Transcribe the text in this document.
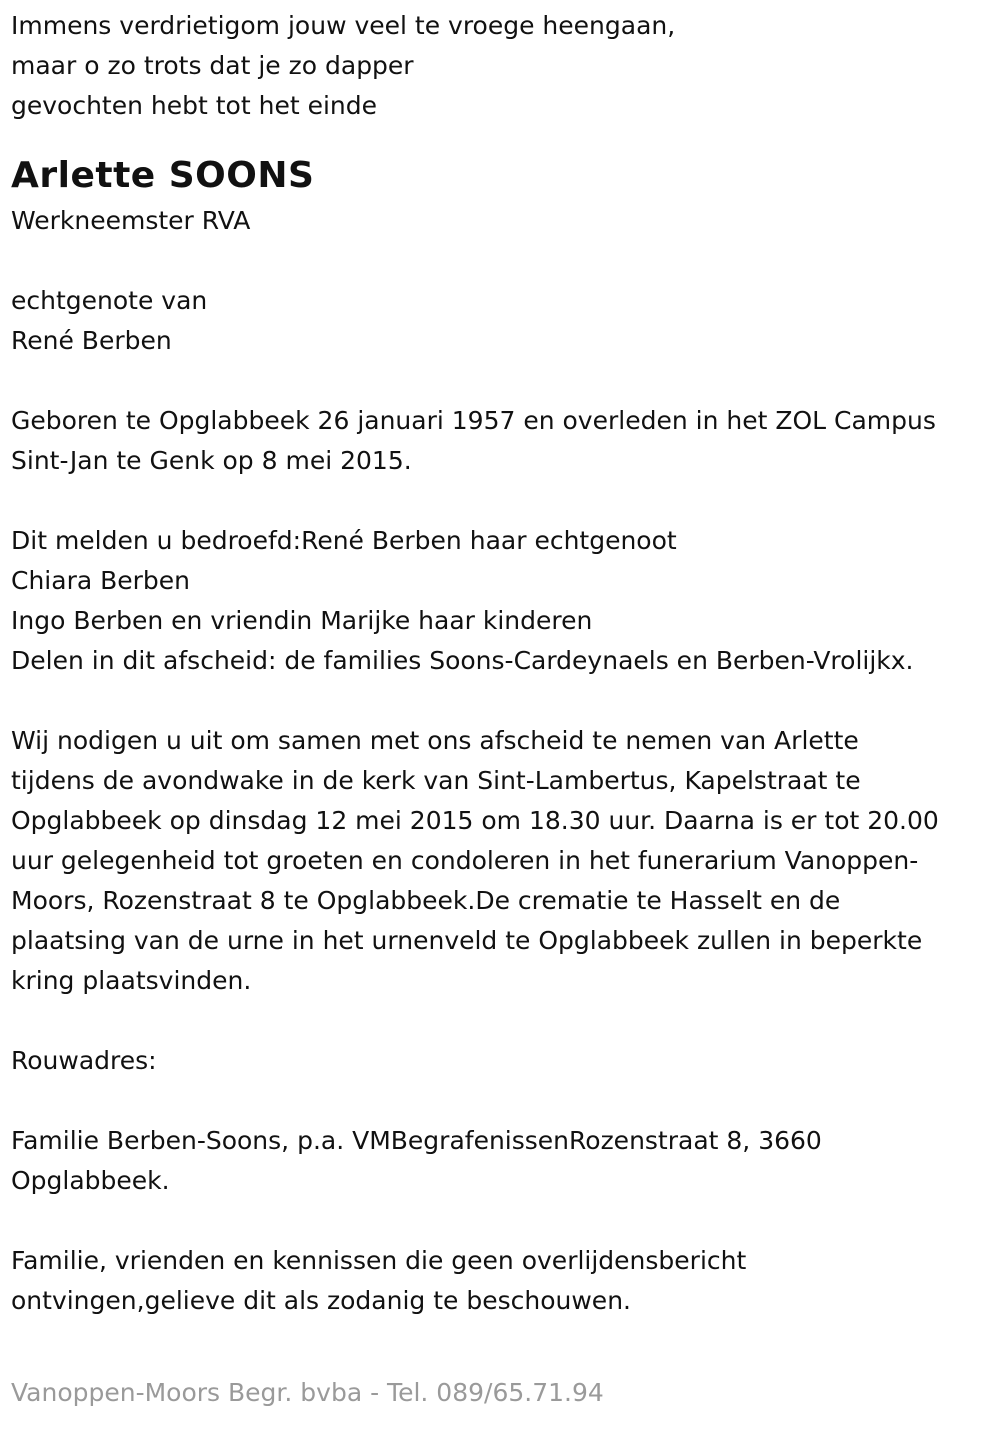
Immens verdrietigom jouw veel te vroege heengaan,
maar o zo trots dat je zo dapper
gevochten hebt tot het einde
Arlette SOONS
Werkneemster RVA
echtgenote van
René Berben
Geboren te Opglabbeek 26 januari 1957 en overleden in het ZOL Campus
Sint-Jan te Genk op 8 mei 2015.
Dit melden u bedroefd:René Berben haar echtgenoot
Chiara Berben
Ingo Berben en vriendin Marijke haar kinderen
Delen in dit afscheid: de families Soons-Cardeynaels en Berben-Vrolijkx.
Wij nodigen u uit om samen met ons afscheid te nemen van Arlette
tijdens de avondwake in de kerk van Sint-Lambertus, Kapelstraat te
Opglabbeek op dinsdag 12 mei 2015 om 18.30 uur. Daarna is er tot 20.00
uur gelegenheid tot groeten en condoleren in het funerarium Vanoppen-
Moors, Rozenstraat 8 te Opglabbeek.De crematie te Hasselt en de
plaatsing van de urne in het urnenveld te Opglabbeek zullen in beperkte
kring plaatsvinden.
Rouwadres:
Familie Berben-Soons, p.a. VMBegrafenissenRozenstraat 8, 3660
Opglabbeek.
Familie, vrienden en kennissen die geen overlijdensbericht
ontvingen,gelieve dit als zodanig te beschouwen.
Vanoppen-Moors Begr. bvba - Tel. 089/65.71.94
